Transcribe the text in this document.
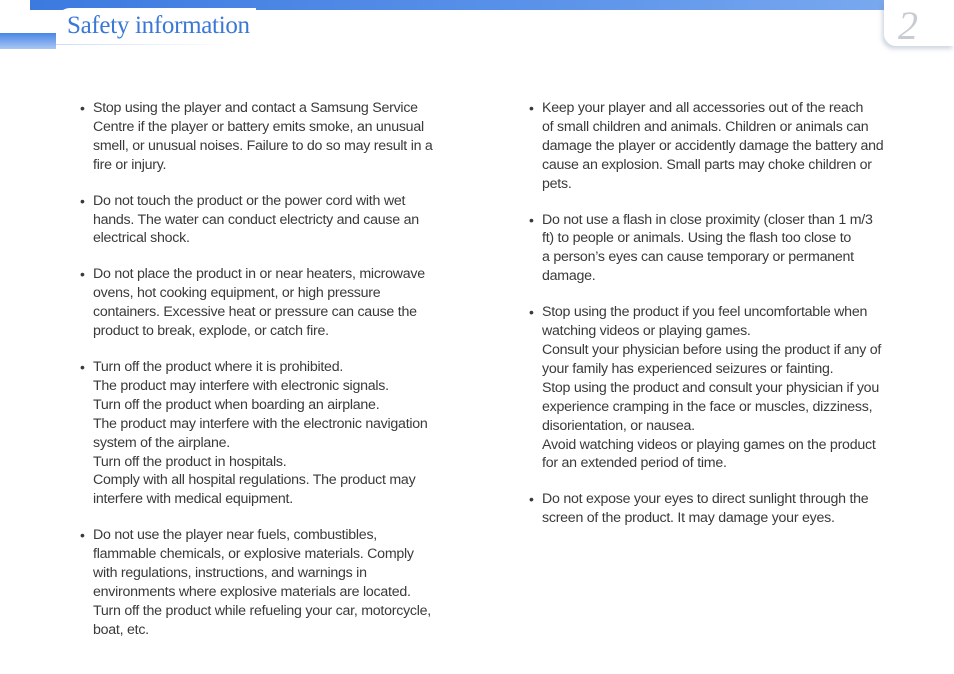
Safety information	2
• Stop using the player and contact a Samsung Service
Centre if the player or battery emits smoke, an unusual
smell, or unusual noises. Failure to do so may result in a
fire or injury.
• Do not touch the product or the power cord with wet
hands. The water can conduct electricty and cause an
electrical shock.
• Do not place the product in or near heaters, microwave
ovens, hot cooking equipment, or high pressure
containers. Excessive heat or pressure can cause the
product to break, explode, or catch fire.
• Turn off the product where it is prohibited.
The product may interfere with electronic signals.
Turn off the product when boarding an airplane.
The product may interfere with the electronic navigation
system of the airplane.
Turn off the product in hospitals.
Comply with all hospital regulations. The product may
interfere with medical equipment.
• Do not use the player near fuels, combustibles,
flammable chemicals, or explosive materials. Comply
with regulations, instructions, and warnings in
environments where explosive materials are located.
Turn off the product while refueling your car, motorcycle,
boat, etc.
• Keep your player and all accessories out of the reach
of small children and animals. Children or animals can
damage the player or accidently damage the battery and
cause an explosion. Small parts may choke children or
pets.
• Do not use a flash in close proximity (closer than 1 m/3
ft) to people or animals. Using the flash too close to
a person’s eyes can cause temporary or permanent
damage.
• Stop using the product if you feel uncomfortable when
watching videos or playing games.
Consult your physician before using the product if any of
your family has experienced seizures or fainting.
Stop using the product and consult your physician if you
experience cramping in the face or muscles, dizziness,
disorientation, or nausea.
Avoid watching videos or playing games on the product
for an extended period of time.
• Do not expose your eyes to direct sunlight through the
screen of the product. It may damage your eyes.
